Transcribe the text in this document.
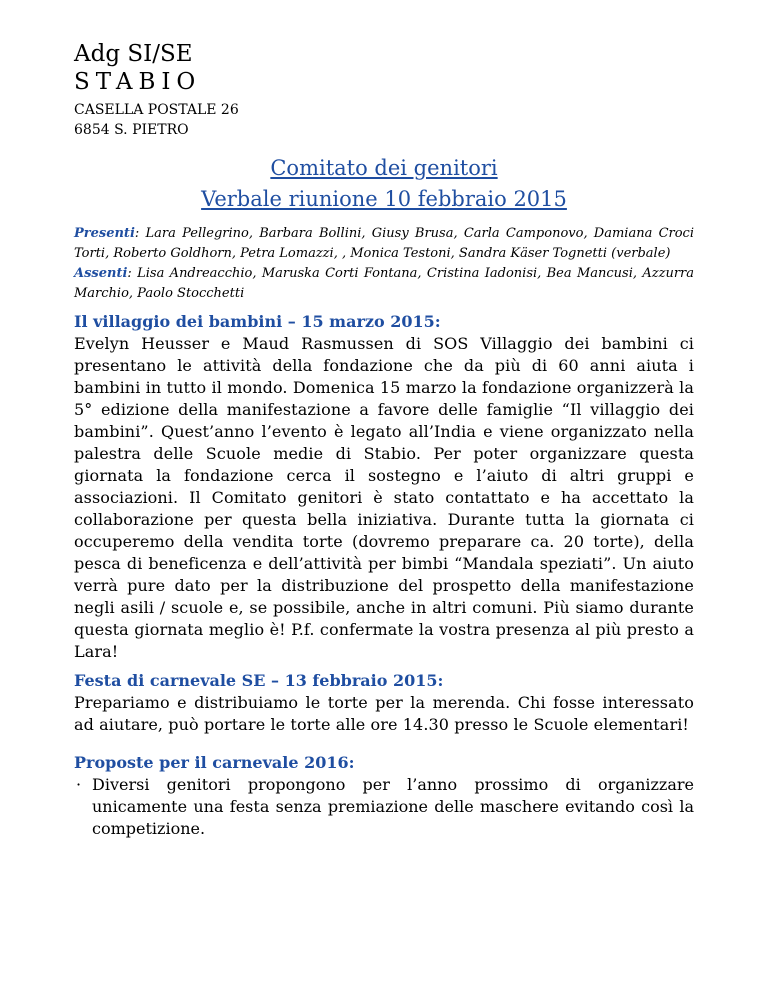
Adg SI/SE

STABIO

CASELLA POSTALE 26

6854 S. PIETRO

Comitato dei genitori

Verbale riunione 10 febbraio 2015

Presenti: Lara Pellegrino, Barbara Bollini, Giusy Brusa, Carla Camponovo, Damiana Croci Torti, Roberto Goldhorn, Petra Lomazzi, , Monica Testoni, Sandra Käser Tognetti (verbale)
Assenti: Lisa Andreacchio, Maruska Corti Fontana, Cristina Iadonisi, Bea Mancusi, Azzurra Marchio, Paolo Stocchetti

Il villaggio dei bambini – 15 marzo 2015:

Evelyn Heusser e Maud Rasmussen di SOS Villaggio dei bambini ci presentano le attività della fondazione che da più di 60 anni aiuta i bambini in tutto il mondo. Domenica 15 marzo la fondazione organizzerà la 5° edizione della manifestazione a favore delle famiglie “Il villaggio dei bambini”. Quest’anno l’evento è legato all’India e viene organizzato nella palestra delle Scuole medie di Stabio. Per poter organizzare questa giornata la fondazione cerca il sostegno e l’aiuto di altri gruppi e associazioni. Il Comitato genitori è stato contattato e ha accettato la collaborazione per questa bella iniziativa. Durante tutta la giornata ci occuperemo della vendita torte (dovremo preparare ca. 20 torte), della pesca di beneficenza e dell’attività per bimbi “Mandala speziati”. Un aiuto verrà pure dato per la distribuzione del prospetto della manifestazione negli asili / scuole e, se possibile, anche in altri comuni. Più siamo durante questa giornata meglio è! P.f. confermate la vostra presenza al più presto a Lara!

Festa di carnevale SE – 13 febbraio 2015:

Prepariamo e distribuiamo le torte per la merenda. Chi fosse interessato ad aiutare, può portare le torte alle ore 14.30 presso le Scuole elementari!

Proposte per il carnevale 2016:

· Diversi genitori propongono per l’anno prossimo di organizzare unicamente una festa senza premiazione delle maschere evitando così la competizione.
